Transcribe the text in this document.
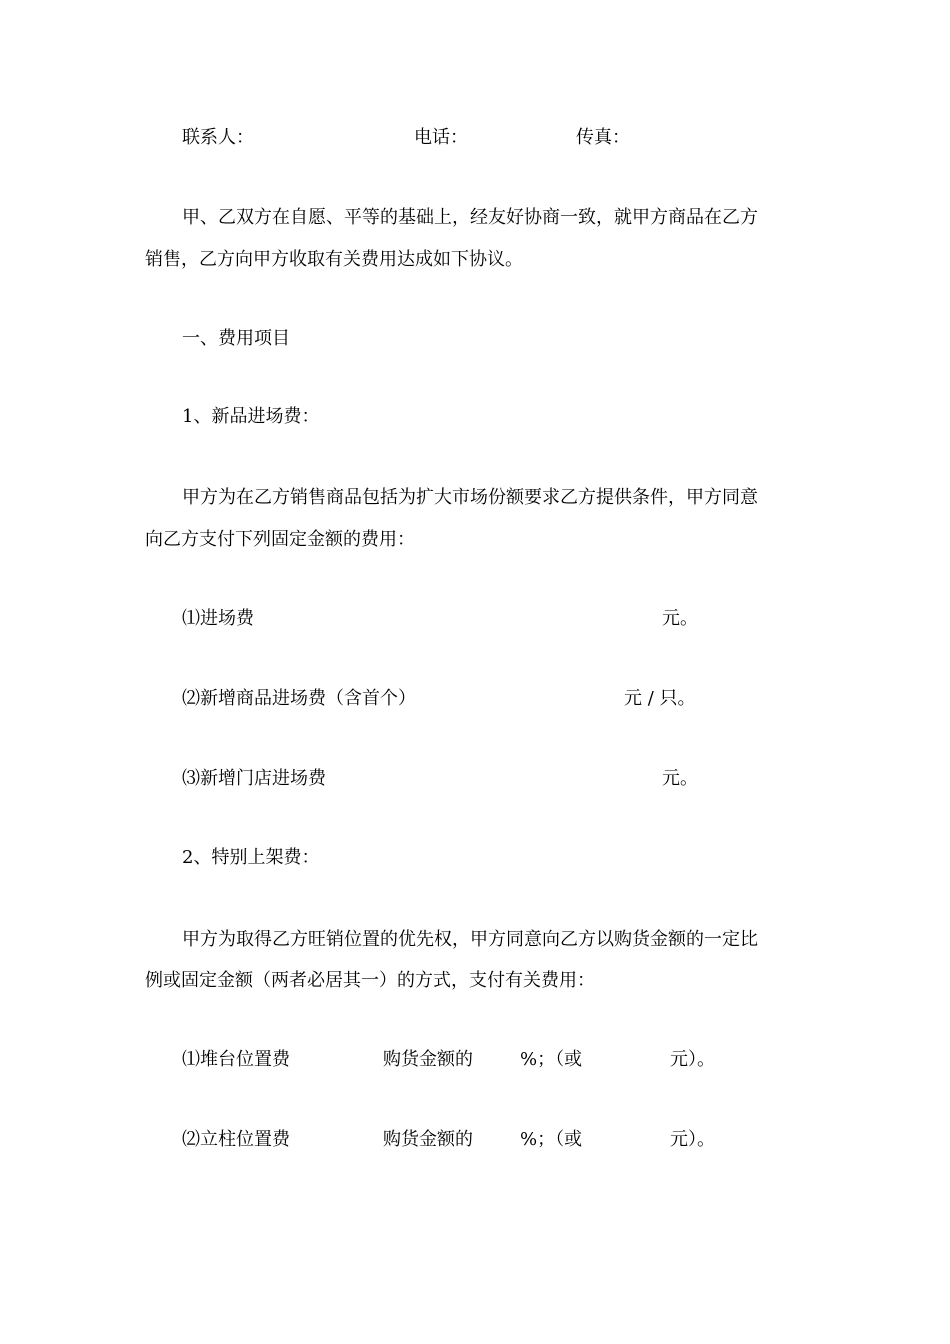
联系人：	电话：	传真：
甲、乙双方在自愿、平等的基础上，经友好协商一致，就甲方商品在乙方
销售，乙方向甲方收取有关费用达成如下协议。
一、费用项目
1、新品进场费：
甲方为在乙方销售商品包括为扩大市场份额要求乙方提供条件，甲方同意
向乙方支付下列固定金额的费用：
⑴进场费	元。
⑵新增商品进场费（含首个）	元 / 只。
⑶新增门店进场费	元。
2、特别上架费：
甲方为取得乙方旺销位置的优先权，甲方同意向乙方以购货金额的一定比
例或固定金额（两者必居其一）的方式，支付有关费用：
⑴堆台位置费	购货金额的	%；（或	元）。
⑵立柱位置费	购货金额的	%；（或	元）。
